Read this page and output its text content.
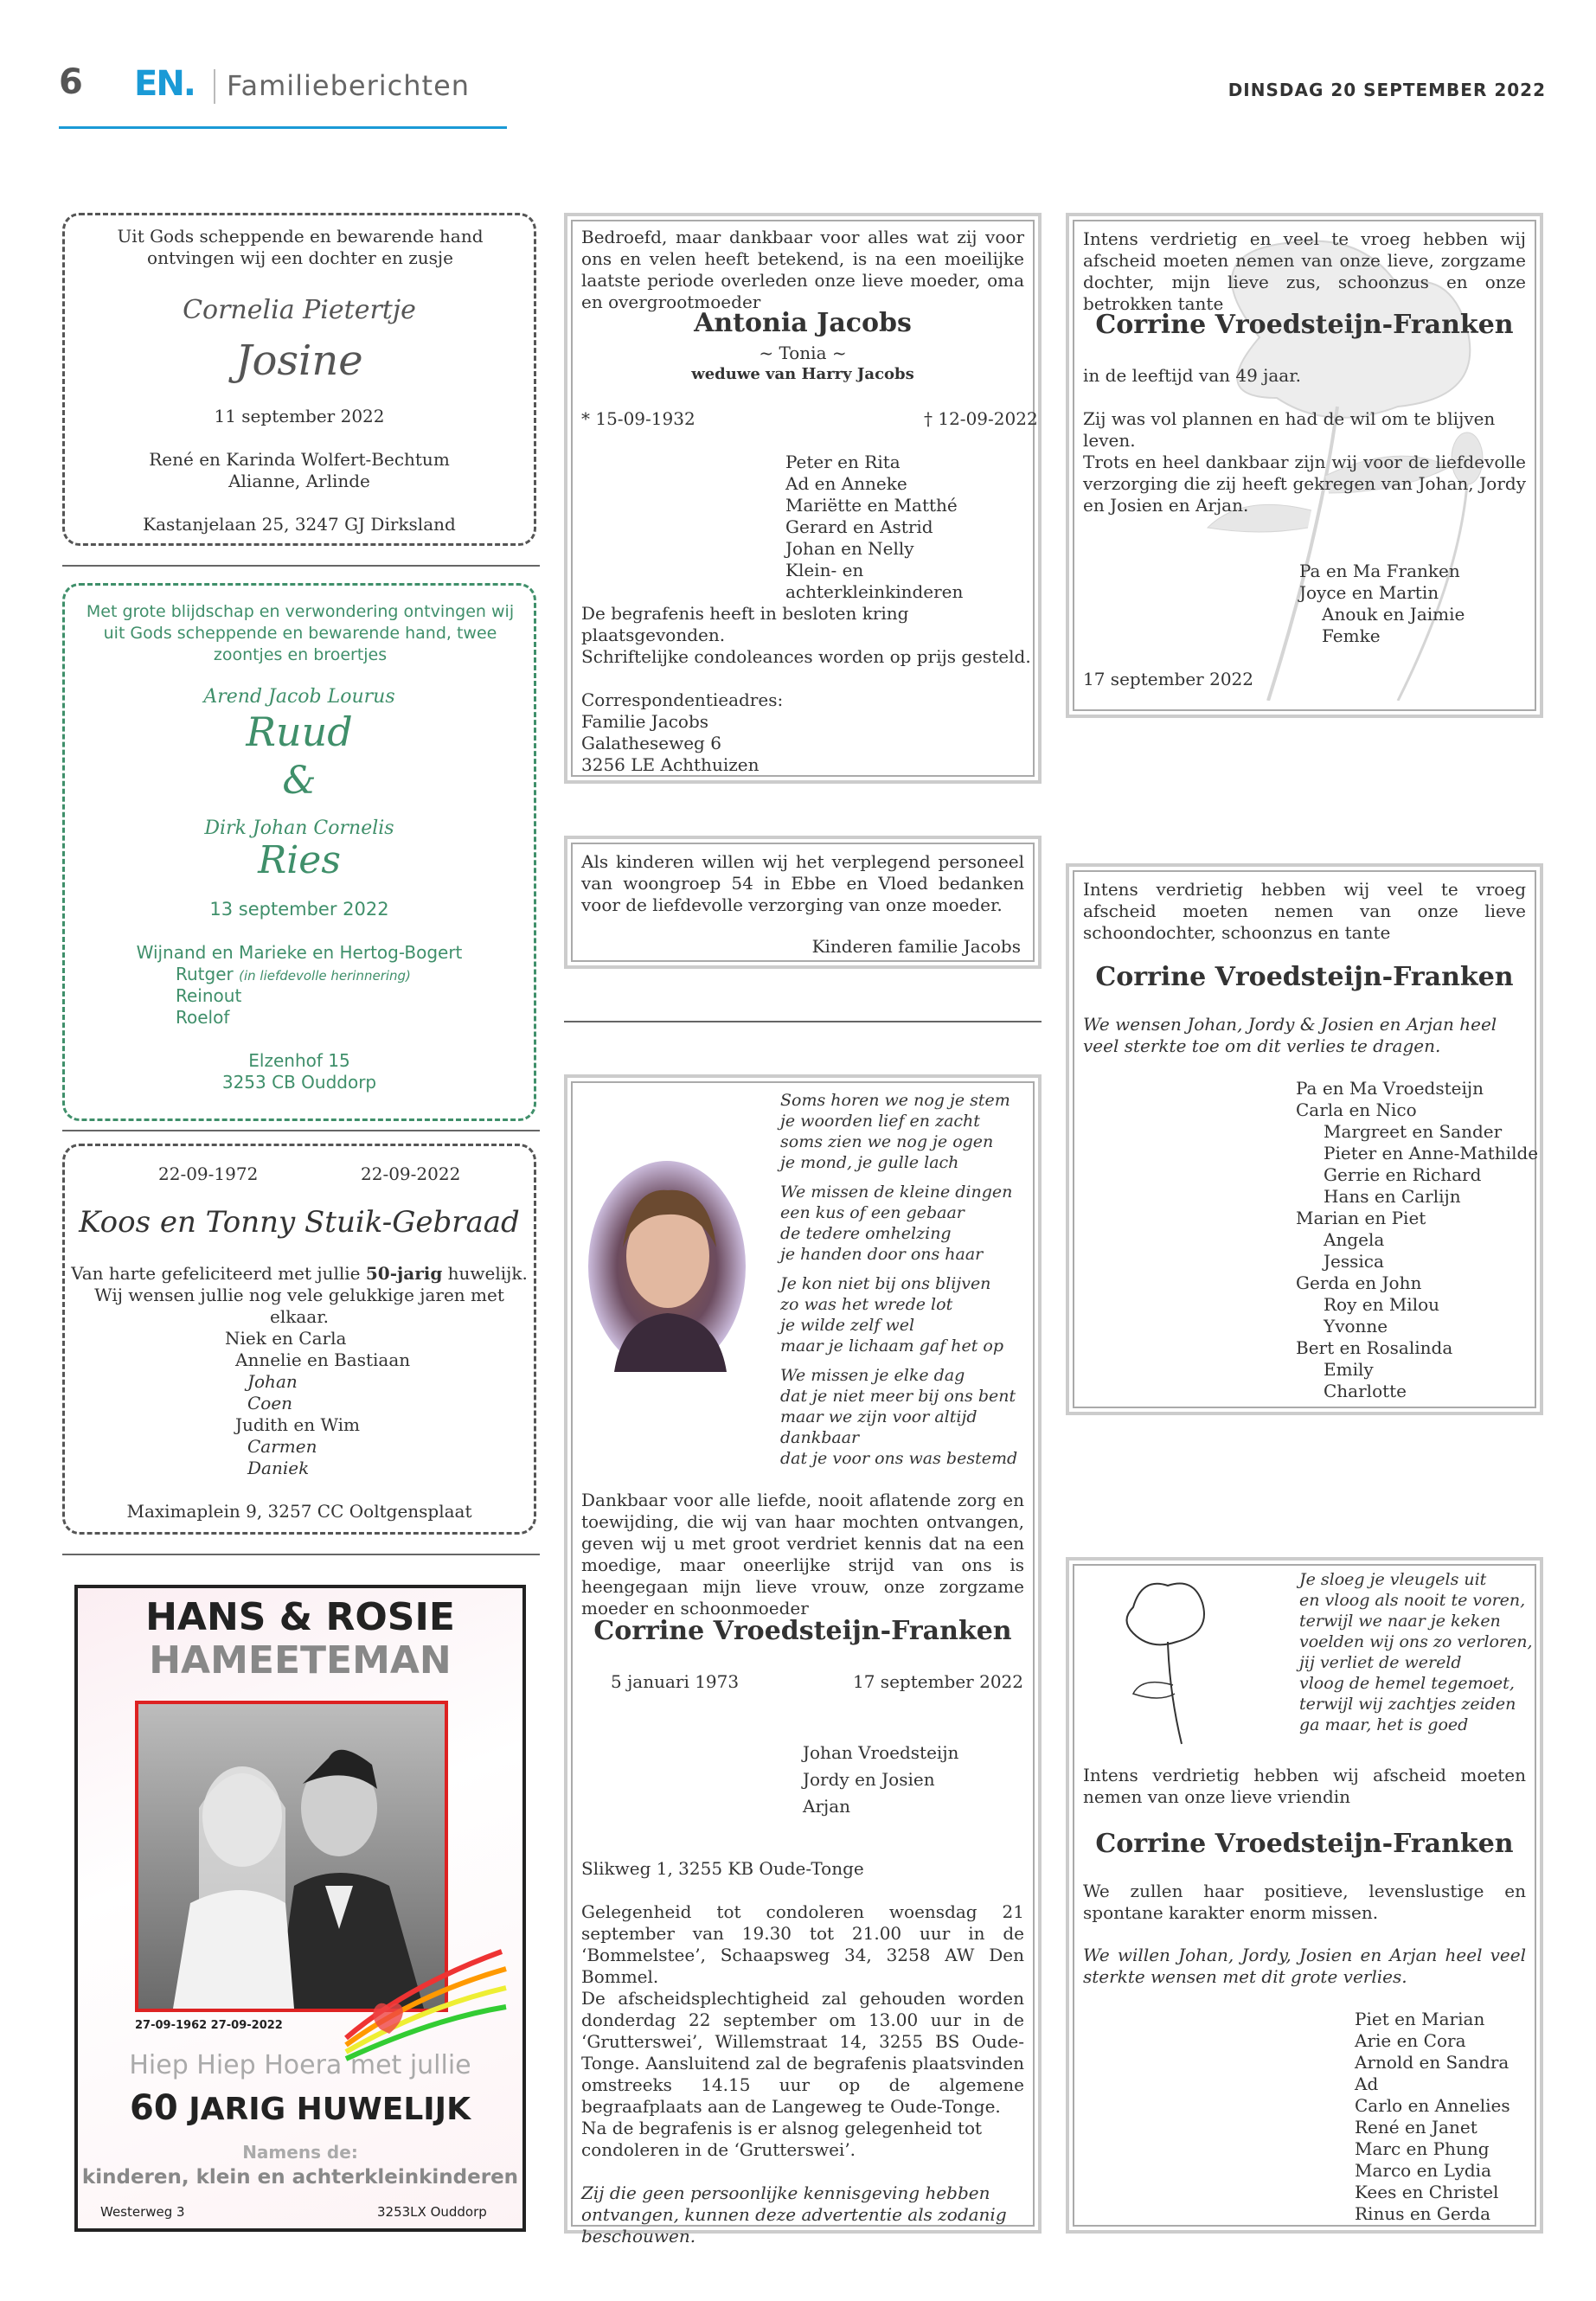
6 EN. Familieberichten	DINSDAG 20 SEPTEMBER 2022
Uit Gods scheppende en bewarende hand ontvingen wij een dochter en zusje
Cornelia Pietertje
Josine
11 september 2022
René en Karinda Wolfert-Bechtum
Alianne, Arlinde
Kastanjelaan 25, 3247 GJ Dirksland
Met grote blijdschap en verwondering ontvingen wij uit Gods scheppende en bewarende hand, twee zoontjes en broertjes
Arend Jacob Lourus
Ruud
&
Dirk Johan Cornelis
Ries
13 september 2022
Wijnand en Marieke en Hertog-Bogert
Rutger (in liefdevolle herinnering)
Reinout
Roelof
Elzenhof 15
3253 CB Ouddorp
22-09-1972	22-09-2022
Koos en Tonny Stuik-Gebraad
Van harte gefeliciteerd met jullie 50-jarig huwelijk.
Wij wensen jullie nog vele gelukkige jaren met elkaar.
Niek en Carla
Annelie en Bastiaan
Johan
Coen
Judith en Wim
Carmen
Daniek
Maximaplein 9, 3257 CC Ooltgensplaat
HANS & ROSIE
HAMEETEMAN
27-09-1962 27-09-2022
Hiep Hiep Hoera met jullie
60 JARIG HUWELIJK
Namens de:
kinderen, klein en achterkleinkinderen
Westerweg 3	3253LX Ouddorp
Bedroefd, maar dankbaar voor alles wat zij voor ons en velen heeft betekend, is na een moeilijke laatste periode overleden onze lieve moeder, oma en overgrootmoeder
Antonia Jacobs
~ Tonia ~
weduwe van Harry Jacobs
* 15-09-1932	† 12-09-2022
Peter en Rita
Ad en Anneke
Mariëtte en Matthé
Gerard en Astrid
Johan en Nelly
Klein- en achterkleinkinderen
De begrafenis heeft in besloten kring plaatsgevonden.
Schriftelijke condoleances worden op prijs gesteld.
Correspondentieadres:
Familie Jacobs
Galatheseweg 6
3256 LE Achthuizen
Als kinderen willen wij het verplegend personeel van woongroep 54 in Ebbe en Vloed bedanken voor de liefdevolle verzorging van onze moeder.
Kinderen familie Jacobs
Soms horen we nog je stem
je woorden lief en zacht
soms zien we nog je ogen
je mond, je gulle lach
We missen de kleine dingen
een kus of een gebaar
de tedere omhelzing
je handen door ons haar
Je kon niet bij ons blijven
zo was het wrede lot
je wilde zelf wel
maar je lichaam gaf het op
We missen je elke dag
dat je niet meer bij ons bent
maar we zijn voor altijd dankbaar
dat je voor ons was bestemd
Dankbaar voor alle liefde, nooit aflatende zorg en toewijding, die wij van haar mochten ontvangen, geven wij u met groot verdriet kennis dat na een moedige, maar oneerlijke strijd van ons is heengegaan mijn lieve vrouw, onze zorgzame moeder en schoonmoeder
Corrine Vroedsteijn-Franken
5 januari 1973	17 september 2022
Johan Vroedsteijn
Jordy en Josien
Arjan
Slikweg 1, 3255 KB Oude-Tonge
Gelegenheid tot condoleren woensdag 21 september van 19.30 tot 21.00 uur in de ‘Bommelstee’, Schaapsweg 34, 3258 AW Den Bommel.
De afscheidsplechtigheid zal gehouden worden donderdag 22 september om 13.00 uur in de ‘Grutterswei’, Willemstraat 14, 3255 BS Oude-Tonge. Aansluitend zal de begrafenis plaatsvinden omstreeks 14.15 uur op de algemene begraafplaats aan de Langeweg te Oude-Tonge.
Na de begrafenis is er alsnog gelegenheid tot condoleren in de ‘Grutterswei’.
Zij die geen persoonlijke kennisgeving hebben ontvangen, kunnen deze advertentie als zodanig beschouwen.
Intens verdrietig en veel te vroeg hebben wij afscheid moeten nemen van onze lieve, zorgzame dochter, mijn lieve zus, schoonzus en onze betrokken tante
Corrine Vroedsteijn-Franken
in de leeftijd van 49 jaar.
Zij was vol plannen en had de wil om te blijven leven.
Trots en heel dankbaar zijn wij voor de liefdevolle verzorging die zij heeft gekregen van Johan, Jordy en Josien en Arjan.
Pa en Ma Franken
Joyce en Martin
Anouk en Jaimie
Femke
17 september 2022
Intens verdrietig hebben wij veel te vroeg afscheid moeten nemen van onze lieve schoondochter, schoonzus en tante
Corrine Vroedsteijn-Franken
We wensen Johan, Jordy & Josien en Arjan heel veel sterkte toe om dit verlies te dragen.
Pa en Ma Vroedsteijn
Carla en Nico
Margreet en Sander
Pieter en Anne-Mathilde
Gerrie en Richard
Hans en Carlijn
Marian en Piet
Angela
Jessica
Gerda en John
Roy en Milou
Yvonne
Bert en Rosalinda
Emily
Charlotte
Je sloeg je vleugels uit
en vloog als nooit te voren,
terwijl we naar je keken
voelden wij ons zo verloren,
jij verliet de wereld
vloog de hemel tegemoet,
terwijl wij zachtjes zeiden
ga maar, het is goed
Intens verdrietig hebben wij afscheid moeten nemen van onze lieve vriendin
Corrine Vroedsteijn-Franken
We zullen haar positieve, levenslustige en spontane karakter enorm missen.
We willen Johan, Jordy, Josien en Arjan heel veel sterkte wensen met dit grote verlies.
Piet en Marian
Arie en Cora
Arnold en Sandra
Ad
Carlo en Annelies
René en Janet
Marc en Phung
Marco en Lydia
Kees en Christel
Rinus en Gerda
